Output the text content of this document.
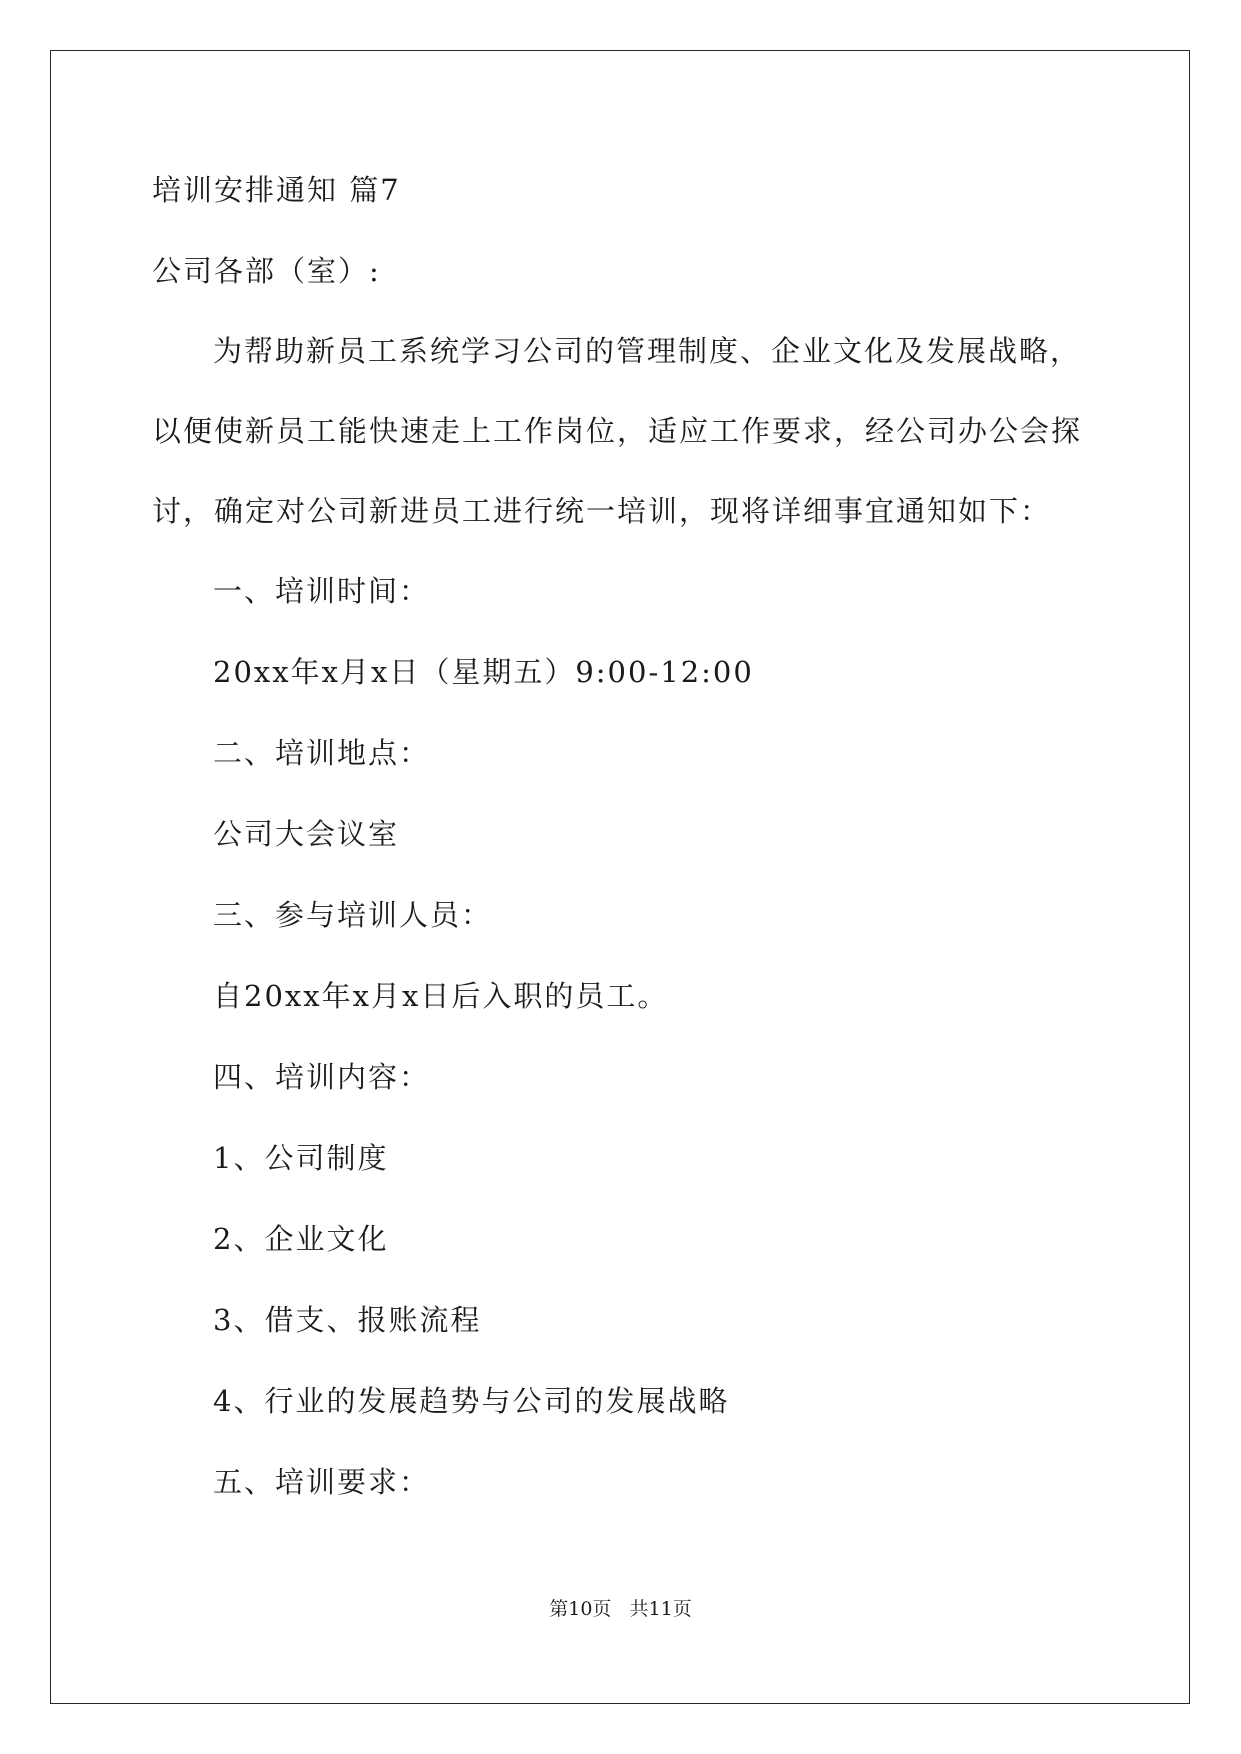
培训安排通知 篇7
公司各部（室）:
为帮助新员工系统学习公司的管理制度、企业文化及发展战略，
以便使新员工能快速走上工作岗位，适应工作要求，经公司办公会探
讨，确定对公司新进员工进行统一培训，现将详细事宜通知如下：
一、培训时间：
20xx年x月x日（星期五）9:00-12:00
二、培训地点：
公司大会议室
三、参与培训人员：
自20xx年x月x日后入职的员工。
四、培训内容：
1、公司制度
2、企业文化
3、借支、报账流程
4、行业的发展趋势与公司的发展战略
五、培训要求：
第10页   共11页
